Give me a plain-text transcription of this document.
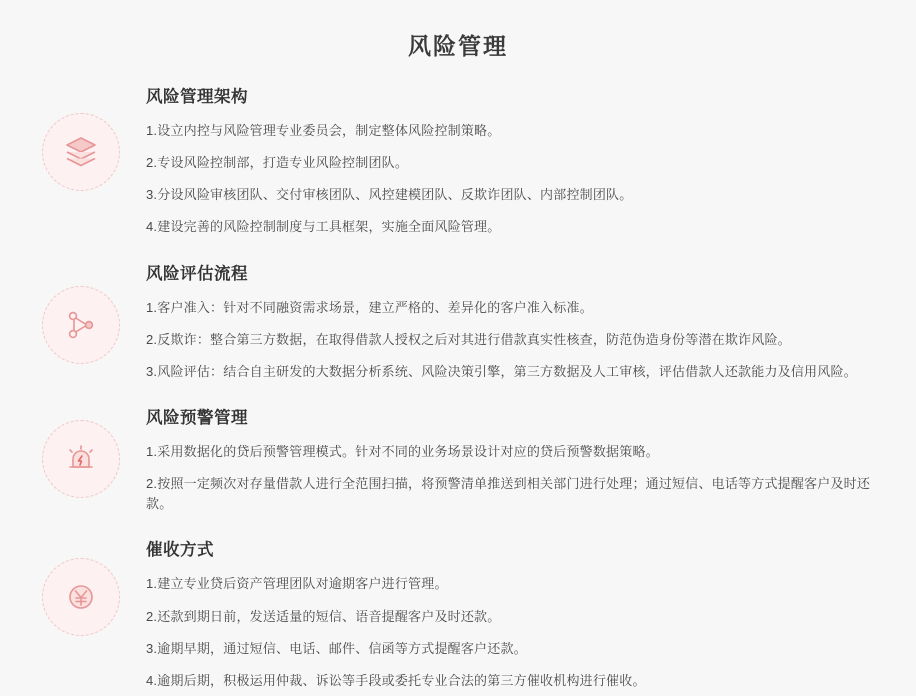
风险管理
风险管理架构

1.设立内控与风险管理专业委员会，制定整体风险控制策略。

2.专设风险控制部，打造专业风险控制团队。

3.分设风险审核团队、交付审核团队、风控建模团队、反欺诈团队、内部控制团队。

4.建设完善的风险控制制度与工具框架，实施全面风险管理。

风险评估流程

1.客户准入：针对不同融资需求场景，建立严格的、差异化的客户准入标准。

2.反欺诈：整合第三方数据，在取得借款人授权之后对其进行借款真实性核查，防范伪造身份等潜在欺诈风险。

3.风险评估：结合自主研发的大数据分析系统、风险决策引擎，第三方数据及人工审核，评估借款人还款能力及信用风险。

风险预警管理

1.采用数据化的贷后预警管理模式。针对不同的业务场景设计对应的贷后预警数据策略。

2.按照一定频次对存量借款人进行全范围扫描，将预警清单推送到相关部门进行处理；通过短信、电话等方式提醒客户及时还款。

催收方式

1.建立专业贷后资产管理团队对逾期客户进行管理。

2.还款到期日前，发送适量的短信、语音提醒客户及时还款。

3.逾期早期，通过短信、电话、邮件、信函等方式提醒客户还款。

4.逾期后期，积极运用仲裁、诉讼等手段或委托专业合法的第三方催收机构进行催收。
